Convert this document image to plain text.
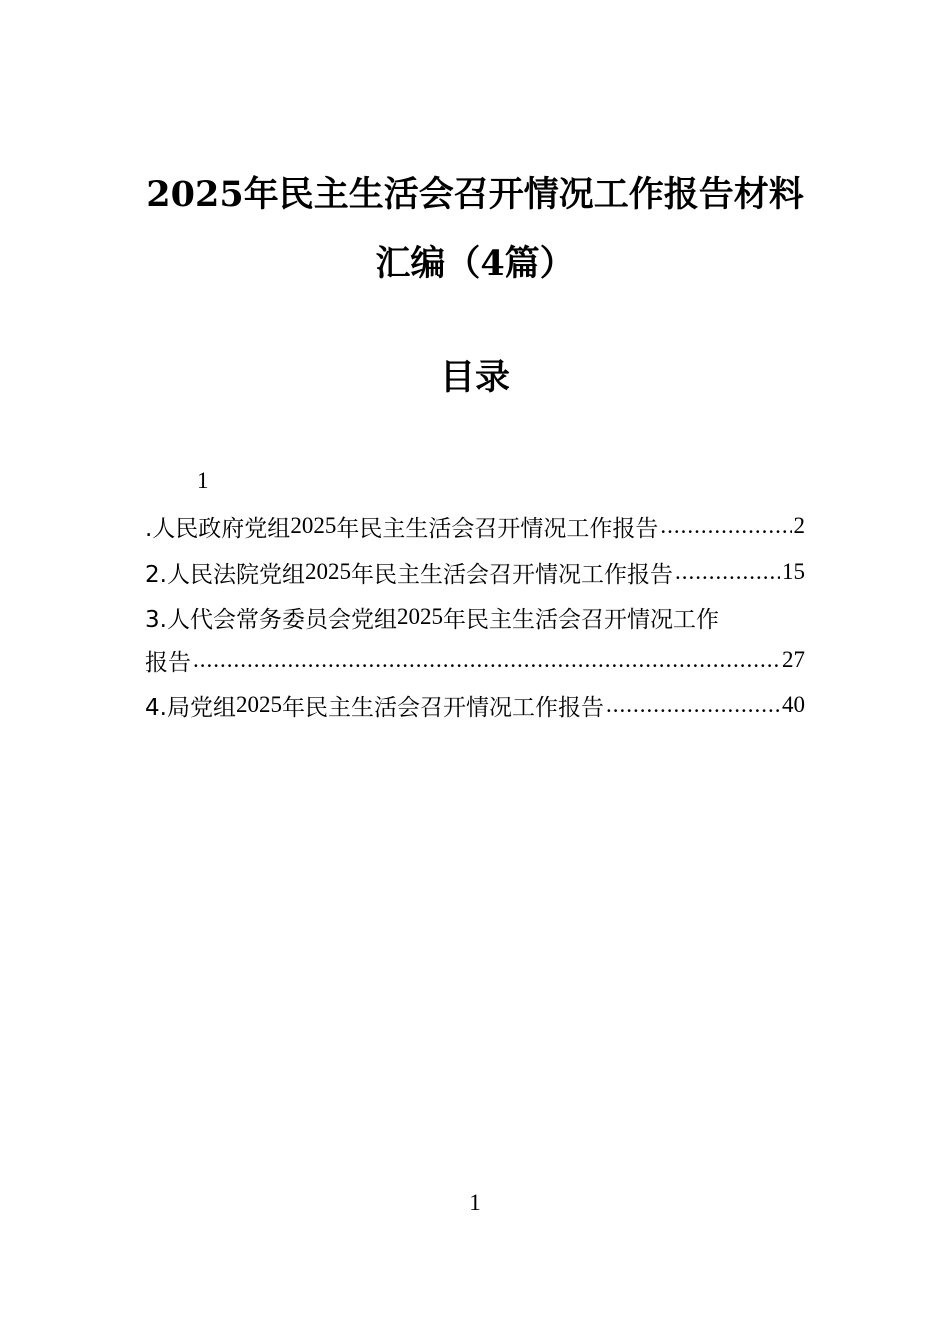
2025年民主生活会召开情况工作报告材料
汇编（4篇）
目录
1
.人民政府党组 2025 年民主生活会召开情况工作报告 .....	2
2.人民法院党组 2025 年民主生活会召开情况工作报告 .....	15
3.人代会常务委员会党组 2025 年民主生活会召开情况工作
报告 .....	27
4.局党组 2025 年民主生活会召开情况工作报告 .....	40
1
